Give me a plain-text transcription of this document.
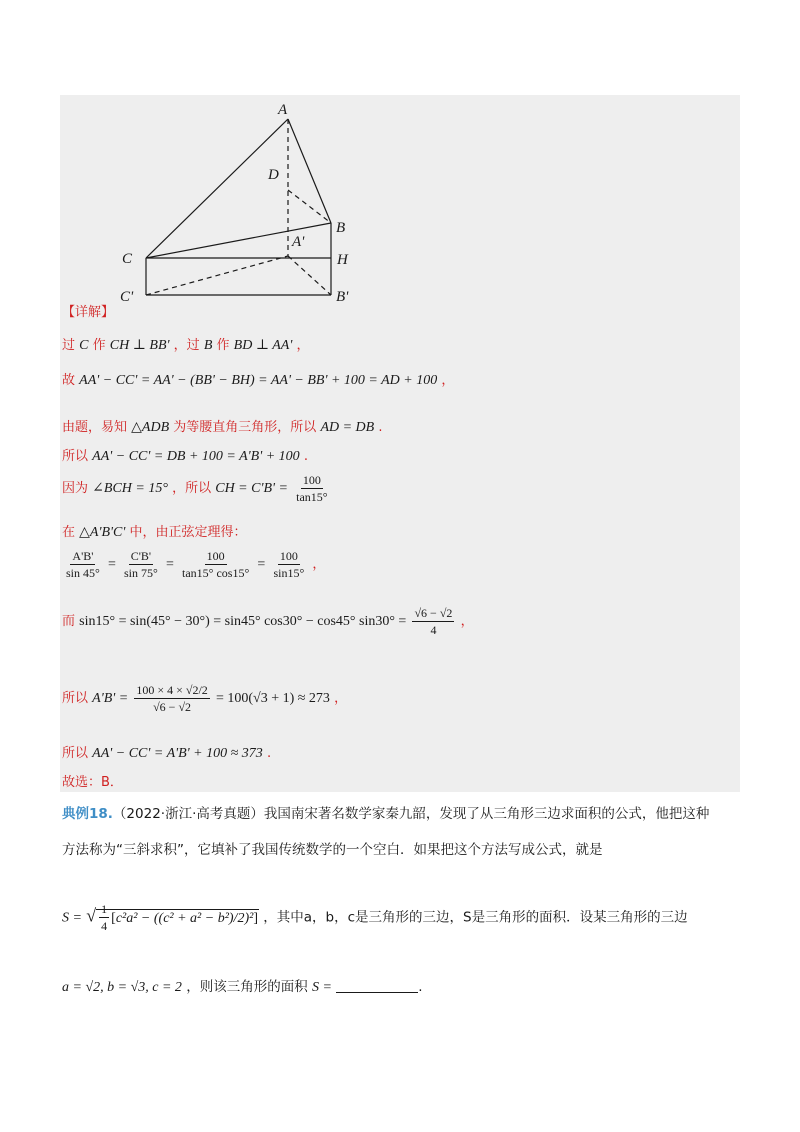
A
D
B
A'
C	H
C'	B'
【详解】
过 C 作 CH ⊥ BB' ，过 B 作 BD ⊥ AA' ，
故 AA' − CC' = AA' − (BB' − BH) = AA' − BB' + 100 = AD + 100 ，
由题，易知 △ADB 为等腰直角三角形，所以 AD = DB .
所以 AA' − CC' = DB + 100 = A'B' + 100 .
因为 ∠BCH = 15° ，所以 CH = $C'B' = \frac{100}{\tan 15^\circ}$
在 △A'B'C' 中，由正弦定理得：
$\frac{A'B'}{\sin 45^\circ} = \frac{C'B'}{\sin 75^\circ} = \frac{100}{\tan 15^\circ \cos 15^\circ} = \frac{100}{\sin 15^\circ}$ ，
而 sin15° = sin(45° − 30°) = sin45° cos30° − cos45° $\sin 30^\circ = \frac{√6 - √2}{4}$ ，
所以 $A'B' = \frac{100 \times 4 \times √2/2}{√6 - √2} = 100(√3 + 1) \approx 273$ ，
所以 AA' − CC' = A'B' + 100 ≈ 373 .
故选：B．
典例18.（2022·浙江·高考真题）我国南宋著名数学家秦九韶，发现了从三角形三边求面积的公式，他把这种
方法称为“三斜求积”，它填补了我国传统数学的一个空白．如果把这个方法写成公式，就是
S = √ $\frac{1}{4} [c^2a^2 - ((c^2 + a^2 - b^2)/2)^2]$ ，其中a，b，c是三角形的三边，S是三角形的面积．设某三角形的三边
a = √2, b = √3, c = 2 ，则该三角形的面积 S =	.
